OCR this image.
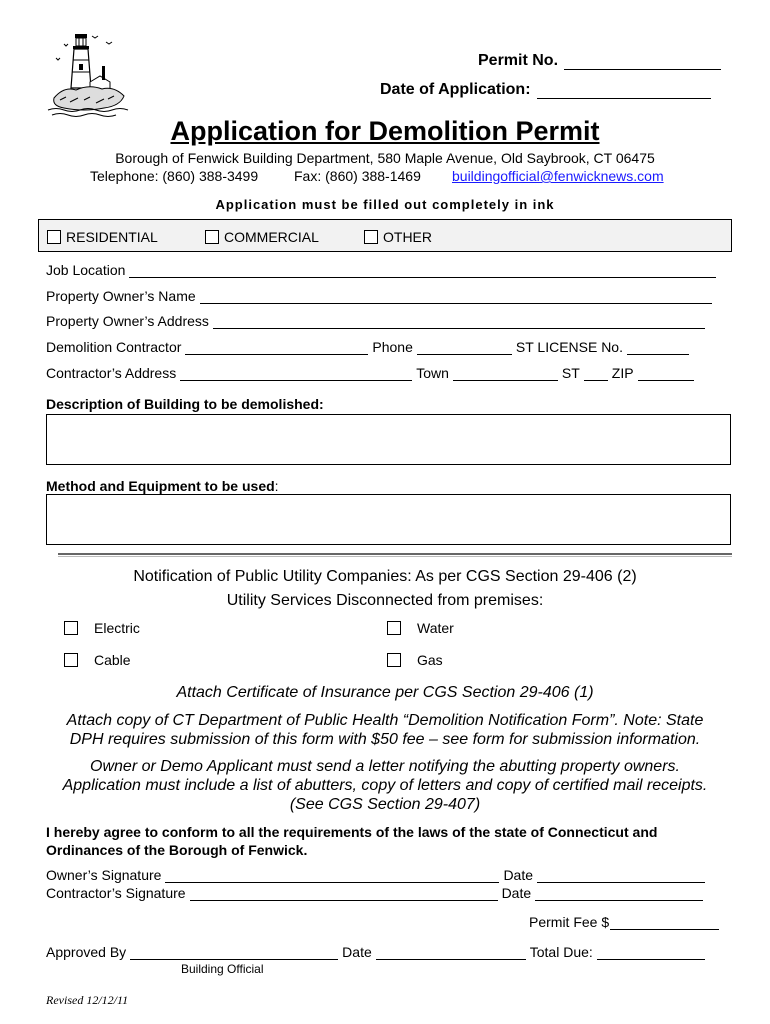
Permit No.
Date of Application:
Application for Demolition Permit
Borough of Fenwick Building Department, 580 Maple Avenue, Old Saybrook, CT 06475
Telephone: (860) 388-3499	Fax: (860) 388-1469 buildingofficial@fenwicknews.com
Application must be filled out completely in ink
RESIDENTIAL	COMMERCIAL	OTHER
Job Location
Property Owner’s Name
Property Owner’s Address
Demolition Contractor	Phone	ST LICENSE No.
Contractor’s Address	Town	ST ZIP
Description of Building to be demolished:
Method and Equipment to be used:
Notification of Public Utility Companies: As per CGS Section 29-406 (2)
Utility Services Disconnected from premises:
Electric	Water
Cable	Gas
Attach Certificate of Insurance per CGS Section 29-406 (1)
Attach copy of CT Department of Public Health “Demolition Notification Form”. Note: State
DPH requires submission of this form with $50 fee – see form for submission information.
Owner or Demo Applicant must send a letter notifying the abutting property owners.
Application must include a list of abutters, copy of letters and copy of certified mail receipts.
(See CGS Section 29-407)
I hereby agree to conform to all the requirements of the laws of the state of Connecticut and
Ordinances of the Borough of Fenwick.
Owner’s Signature	Date
Contractor’s Signature	Date
Permit Fee $
Approved By	Date	Total Due:
Building Official
Revised 12/12/11
